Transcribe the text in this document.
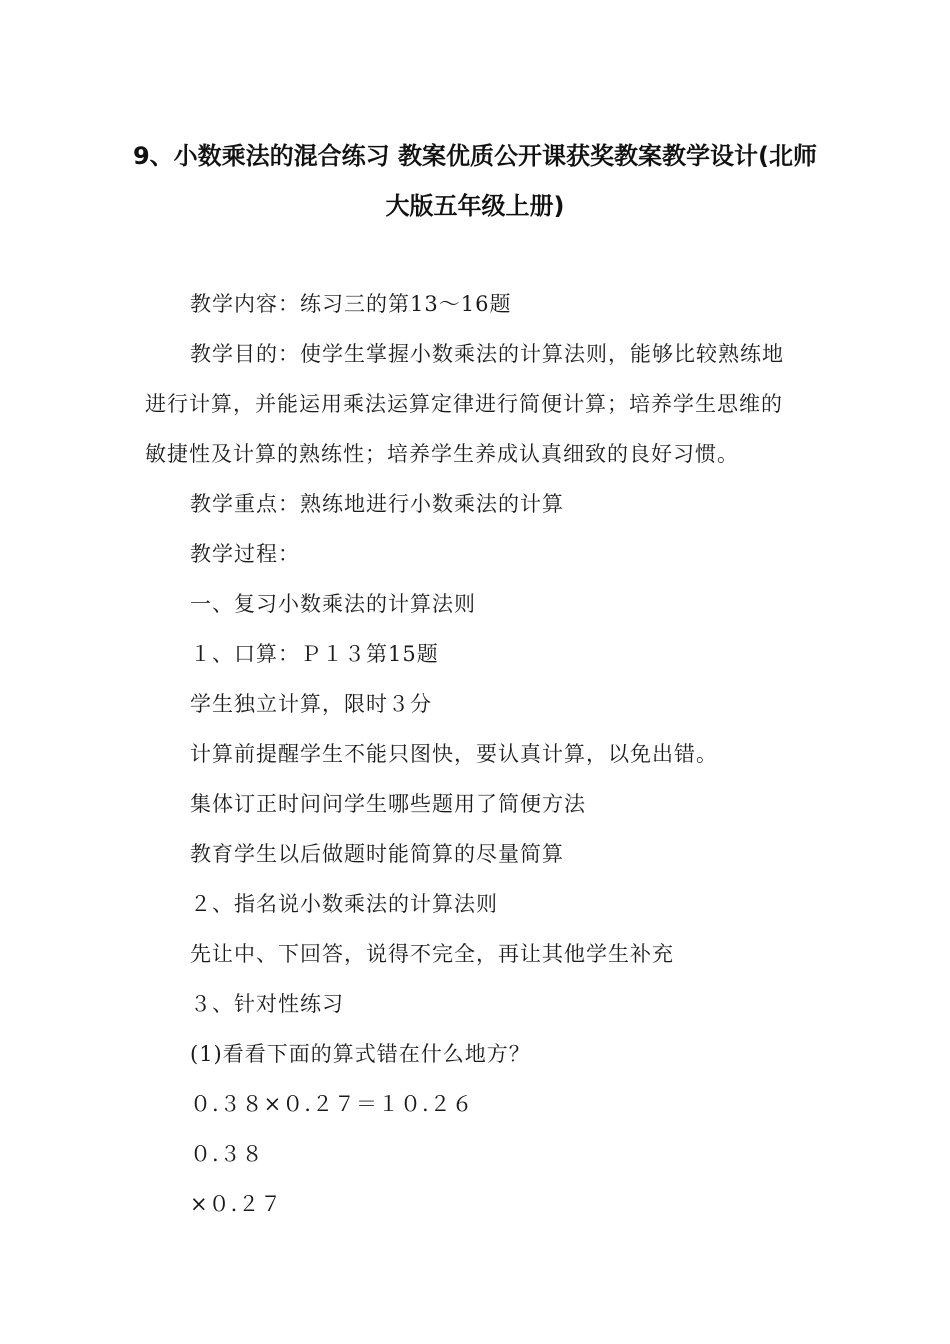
9、小数乘法的混合练习 教案优质公开课获奖教案教学设计(北师
大版五年级上册)
教学内容：练习三的第13～16题
教学目的：使学生掌握小数乘法的计算法则，能够比较熟练地
进行计算，并能运用乘法运算定律进行简便计算；培养学生思维的
敏捷性及计算的熟练性；培养学生养成认真细致的良好习惯。
教学重点：熟练地进行小数乘法的计算
教学过程：
一、复习小数乘法的计算法则
１、口算：Ｐ１３第15题
学生独立计算，限时３分
计算前提醒学生不能只图快，要认真计算，以免出错。
集体订正时问问学生哪些题用了简便方法
教育学生以后做题时能简算的尽量简算
２、指名说小数乘法的计算法则
先让中、下回答，说得不完全，再让其他学生补充
３、针对性练习
(1)看看下面的算式错在什么地方？
０.３８×０.２７＝１０.２６
０.３８
×０.２７
